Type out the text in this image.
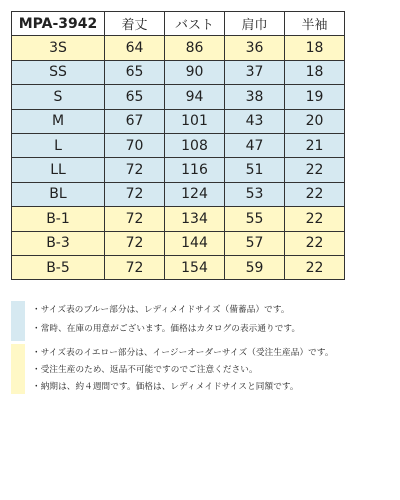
MPA-3942	着丈	バスト	肩巾	半袖
3S	64	86	36	18
SS	65	90	37	18
S	65	94	38	19
M	67	101	43	20
L	70	108	47	21
LL	72	116	51	22
BL	72	124	53	22
B-1	72	134	55	22
B-3	72	144	57	22
B-5	72	154	59	22
・サイズ表のブルー部分は、レディメイドサイズ（備蓄品）です。
・常時、在庫の用意がございます。価格はカタログの表示通りです。
・サイズ表のイエロー部分は、イージーオーダーサイズ（受注生産品）です。
・受注生産のため、返品不可能ですのでご注意ください。
・納期は、約４週間です。価格は、レディメイドサイスと同額です。
